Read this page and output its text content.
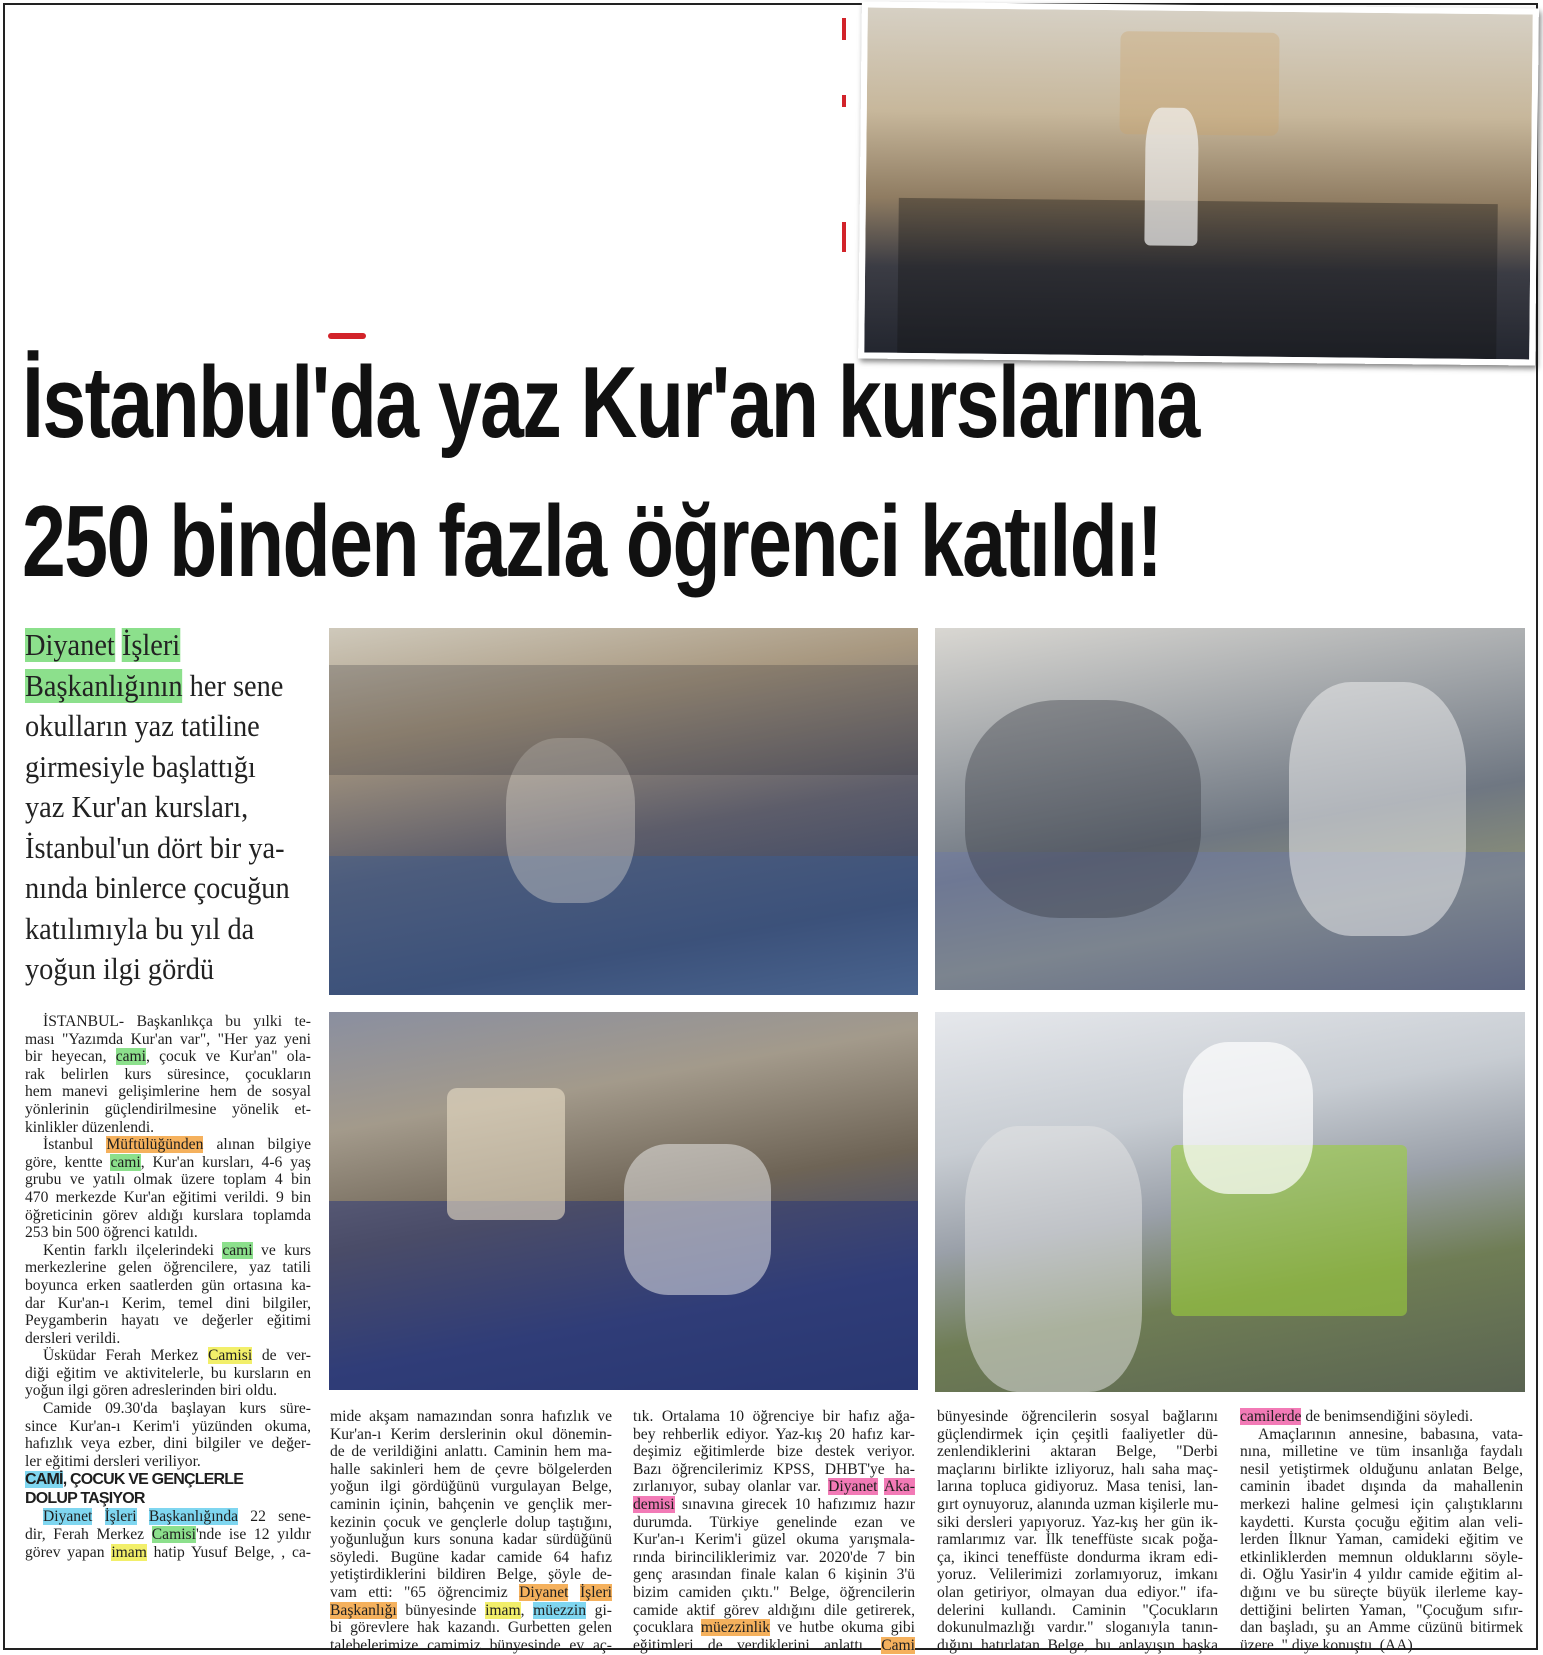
İstanbul'da yaz Kur'an kurslarına
250 binden fazla öğrenci katıldı!
Diyanet İşleri
Başkanlığının her sene
okulların yaz tatiline
girmesiyle başlattığı
yaz Kur'an kursları,
İstanbul'un dört bir ya-
nında binlerce çocuğun
katılımıyla bu yıl da
yoğun ilgi gördü
İSTANBUL- Başkanlıkça bu yılki te-
ması "Yazımda Kur'an var", "Her yaz yeni
bir heyecan, cami, çocuk ve Kur'an" ola-
rak belirlen kurs süresince, çocukların
hem manevi gelişimlerine hem de sosyal
yönlerinin güçlendirilmesine yönelik et-
kinlikler düzenlendi.
İstanbul Müftülüğünden alınan bilgiye
göre, kentte cami, Kur'an kursları, 4-6 yaş
grubu ve yatılı olmak üzere toplam 4 bin
470 merkezde Kur'an eğitimi verildi. 9 bin
öğreticinin görev aldığı kurslara toplamda
253 bin 500 öğrenci katıldı.
Kentin farklı ilçelerindeki cami ve kurs
merkezlerine gelen öğrencilere, yaz tatili
boyunca erken saatlerden gün ortasına ka-
dar Kur'an-ı Kerim, temel dini bilgiler,
Peygamberin hayatı ve değerler eğitimi
dersleri verildi.
Üsküdar Ferah Merkez Camisi de ver-
diği eğitim ve aktivitelerle, bu kursların en
yoğun ilgi gören adreslerinden biri oldu.
Camide 09.30'da başlayan kurs süre-
since Kur'an-ı Kerim'i yüzünden okuma,
hafızlık veya ezber, dini bilgiler ve değer-
ler eğitimi dersleri veriliyor.
CAMİ, ÇOCUK VE GENÇLERLE
DOLUP TAŞIYOR
Diyanet İşleri Başkanlığında 22 sene-
dir, Ferah Merkez Camisi'nde ise 12 yıldır
görev yapan imam hatip Yusuf Belge, , ca-
mide akşam namazından sonra hafızlık ve
Kur'an-ı Kerim derslerinin okul dönemin-
de de verildiğini anlattı. Caminin hem ma-
halle sakinleri hem de çevre bölgelerden
yoğun ilgi gördüğünü vurgulayan Belge,
caminin içinin, bahçenin ve gençlik mer-
kezinin çocuk ve gençlerle dolup taştığını,
yoğunluğun kurs sonuna kadar sürdüğünü
söyledi. Bugüne kadar camide 64 hafız
yetiştirdiklerini bildiren Belge, şöyle de-
vam etti: "65 öğrencimiz Diyanet İşleri
Başkanlığı bünyesinde imam, müezzin gi-
bi görevlere hak kazandı. Gurbetten gelen
talebelerimize camimiz bünyesinde ev aç-
tık. Ortalama 10 öğrenciye bir hafız ağa-
bey rehberlik ediyor. Yaz-kış 20 hafız kar-
deşimiz eğitimlerde bize destek veriyor.
Bazı öğrencilerimiz KPSS, DHBT'ye ha-
zırlanıyor, subay olanlar var. Diyanet Aka-
demisi sınavına girecek 10 hafızımız hazır
durumda. Türkiye genelinde ezan ve
Kur'an-ı Kerim'i güzel okuma yarışmala-
rında birinciliklerimiz var. 2020'de 7 bin
genç arasından finale kalan 6 kişinin 3'ü
bizim camiden çıktı." Belge, öğrencilerin
camide aktif görev aldığını dile getirerek,
çocuklara müezzinlik ve hutbe okuma gibi
eğitimleri de verdiklerini anlattı. Cami
bünyesinde öğrencilerin sosyal bağlarını
güçlendirmek için çeşitli faaliyetler dü-
zenlendiklerini aktaran Belge, "Derbi
maçlarını birlikte izliyoruz, halı saha maç-
larına topluca gidiyoruz. Masa tenisi, lan-
gırt oynuyoruz, alanında uzman kişilerle mu-
siki dersleri yapıyoruz. Yaz-kış her gün ik-
ramlarımız var. İlk teneffüste sıcak poğa-
ça, ikinci teneffüste dondurma ikram edi-
yoruz. Velilerimizi zorlamıyoruz, imkanı
olan getiriyor, olmayan dua ediyor." ifa-
delerini kullandı. Caminin "Çocukların
dokunulmazlığı vardır." sloganıyla tanın-
dığını hatırlatan Belge, bu anlayışın başka
camilerde de benimsendiğini söyledi.
Amaçlarının annesine, babasına, vata-
nına, milletine ve tüm insanlığa faydalı
nesil yetiştirmek olduğunu anlatan Belge,
caminin ibadet dışında da mahallenin
merkezi haline gelmesi için çalıştıklarını
kaydetti. Kursta çocuğu eğitim alan veli-
lerden İlknur Yaman, camideki eğitim ve
etkinliklerden memnun olduklarını söyle-
di. Oğlu Yasir'in 4 yıldır camide eğitim al-
dığını ve bu süreçte büyük ilerleme kay-
dettiğini belirten Yaman, "Çocuğum sıfır-
dan başladı, şu an Amme cüzünü bitirmek
üzere. " diye konuştu. (AA)
